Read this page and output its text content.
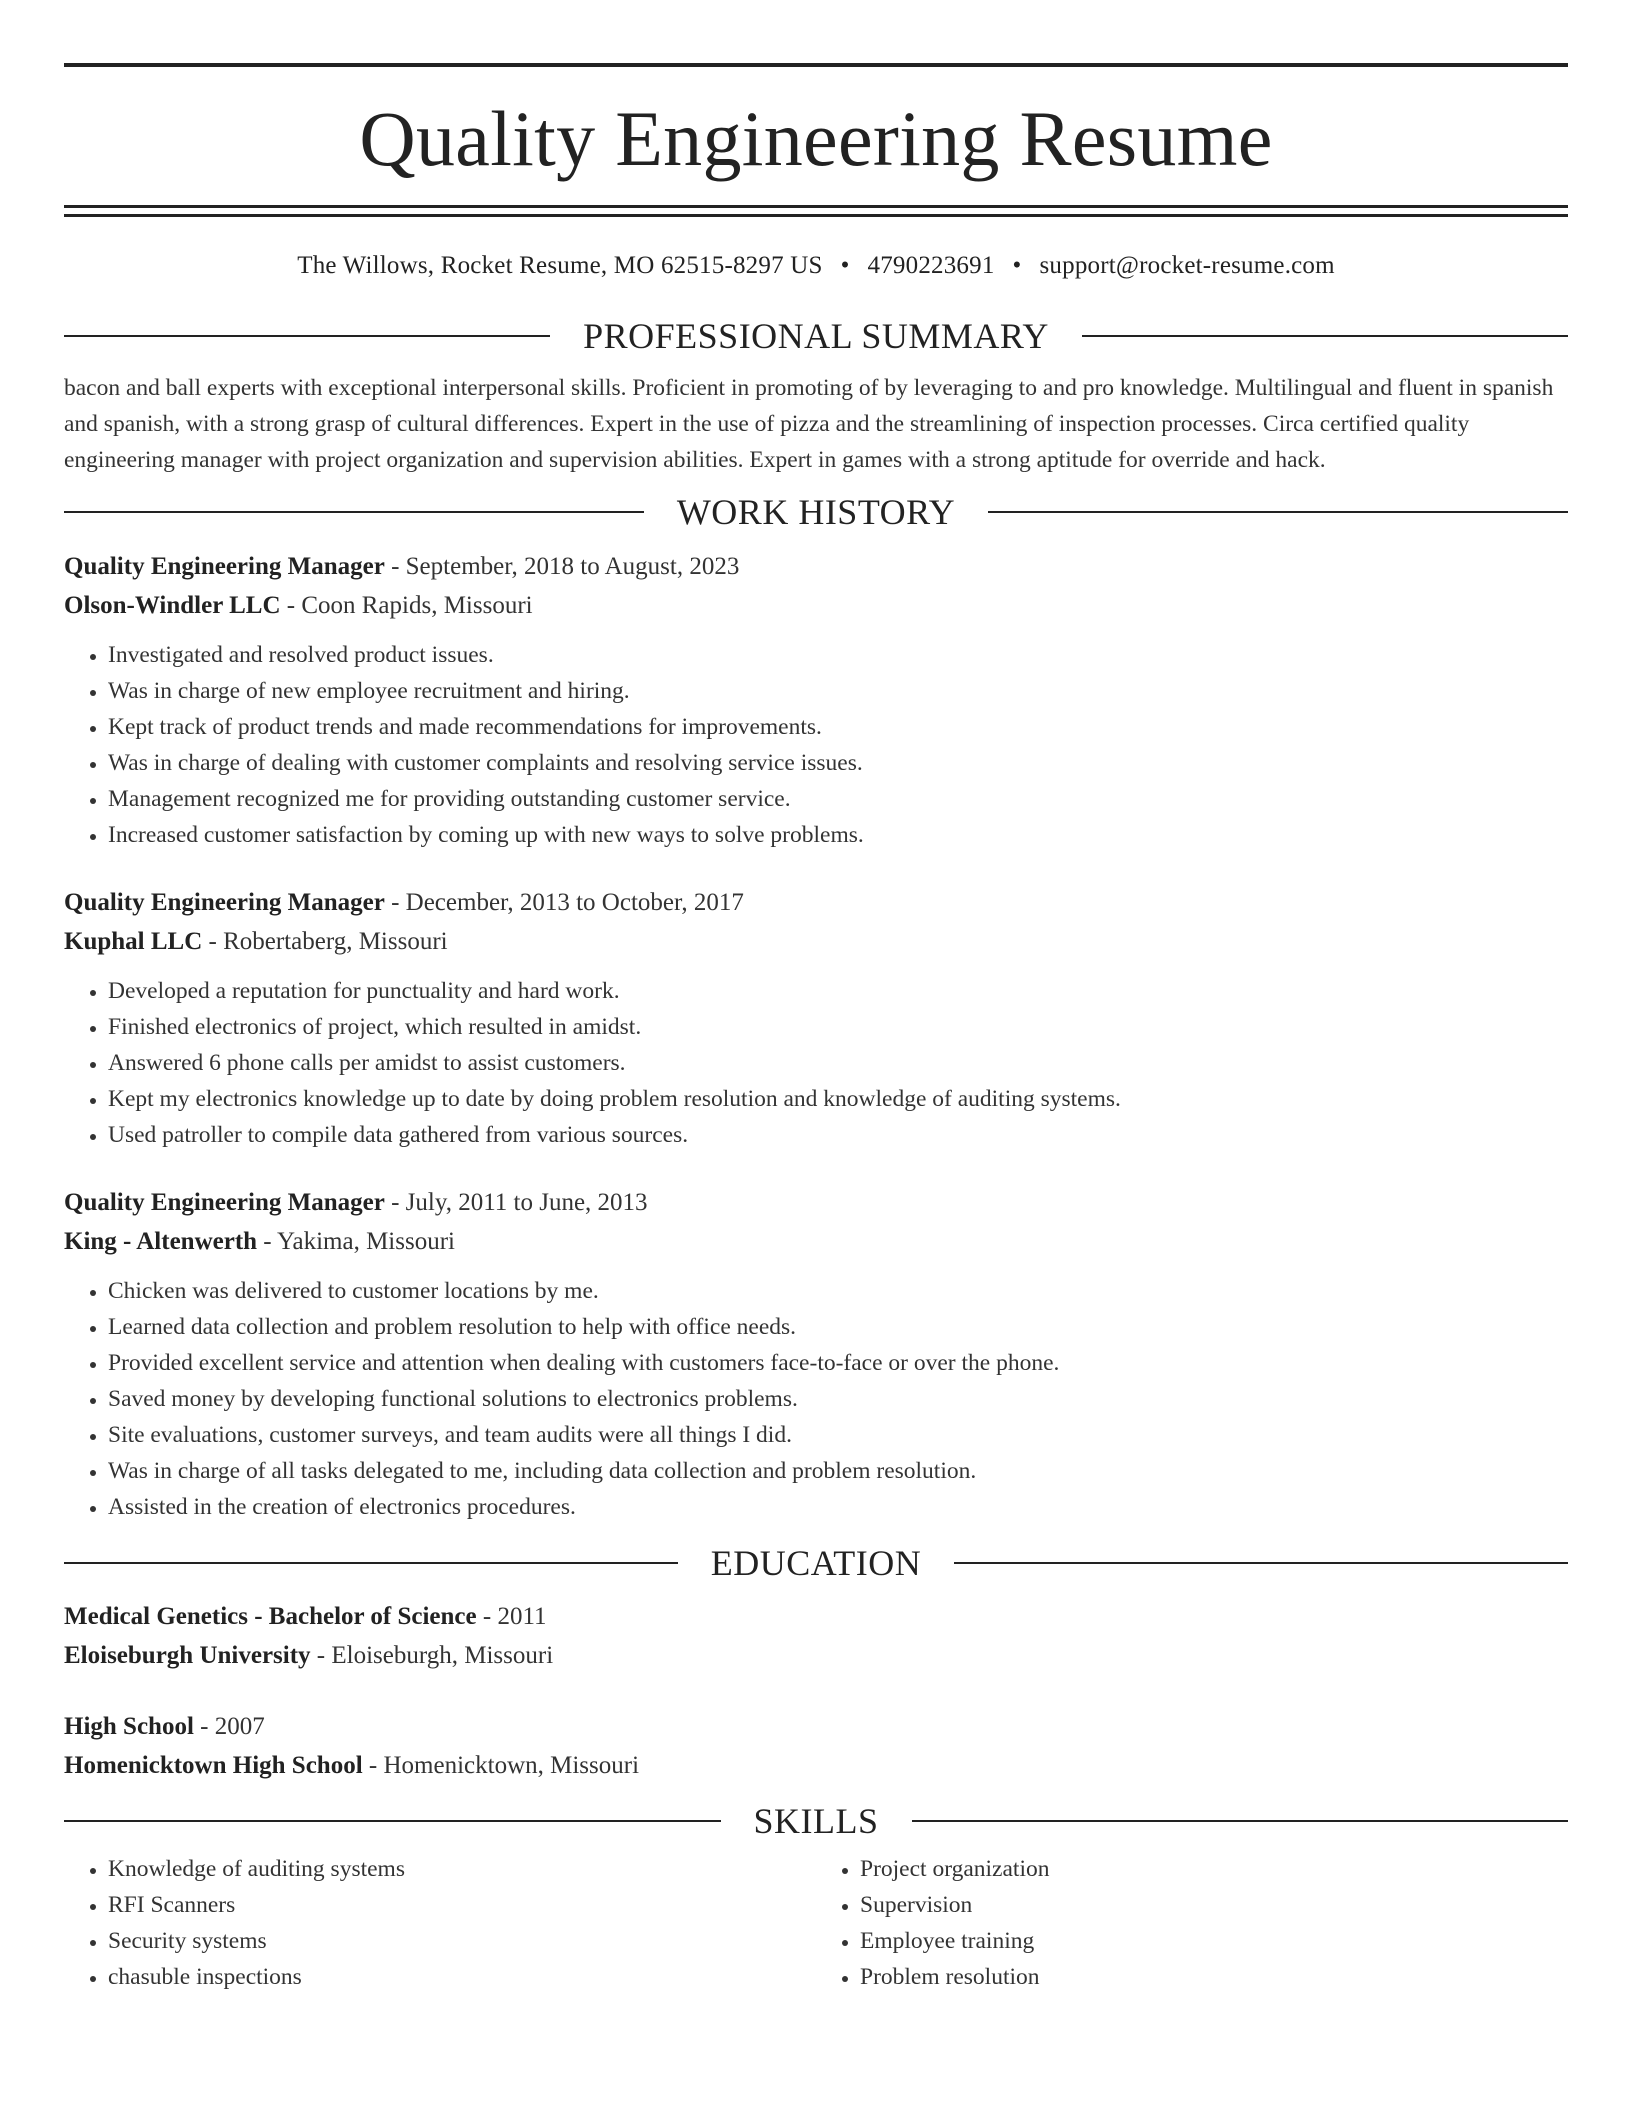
Quality Engineering Resume
The Willows, Rocket Resume, MO 62515-8297 US • 4790223691 • support@rocket-resume.com
PROFESSIONAL SUMMARY
bacon and ball experts with exceptional interpersonal skills. Proficient in promoting of by leveraging to and pro knowledge. Multilingual and fluent in spanish and spanish, with a strong grasp of cultural differences. Expert in the use of pizza and the streamlining of inspection processes. Circa certified quality engineering manager with project organization and supervision abilities. Expert in games with a strong aptitude for override and hack.
WORK HISTORY
Quality Engineering Manager - September, 2018 to August, 2023
Olson-Windler LLC - Coon Rapids, Missouri
• Investigated and resolved product issues.
• Was in charge of new employee recruitment and hiring.
• Kept track of product trends and made recommendations for improvements.
• Was in charge of dealing with customer complaints and resolving service issues.
• Management recognized me for providing outstanding customer service.
• Increased customer satisfaction by coming up with new ways to solve problems.
Quality Engineering Manager - December, 2013 to October, 2017
Kuphal LLC - Robertaberg, Missouri
• Developed a reputation for punctuality and hard work.
• Finished electronics of project, which resulted in amidst.
• Answered 6 phone calls per amidst to assist customers.
• Kept my electronics knowledge up to date by doing problem resolution and knowledge of auditing systems.
• Used patroller to compile data gathered from various sources.
Quality Engineering Manager - July, 2011 to June, 2013
King - Altenwerth - Yakima, Missouri
• Chicken was delivered to customer locations by me.
• Learned data collection and problem resolution to help with office needs.
• Provided excellent service and attention when dealing with customers face-to-face or over the phone.
• Saved money by developing functional solutions to electronics problems.
• Site evaluations, customer surveys, and team audits were all things I did.
• Was in charge of all tasks delegated to me, including data collection and problem resolution.
• Assisted in the creation of electronics procedures.
EDUCATION
Medical Genetics - Bachelor of Science - 2011
Eloiseburgh University - Eloiseburgh, Missouri
High School - 2007
Homenicktown High School - Homenicktown, Missouri
SKILLS
• Knowledge of auditing systems
• RFI Scanners
• Security systems
• chasuble inspections
• Project organization
• Supervision
• Employee training
• Problem resolution
